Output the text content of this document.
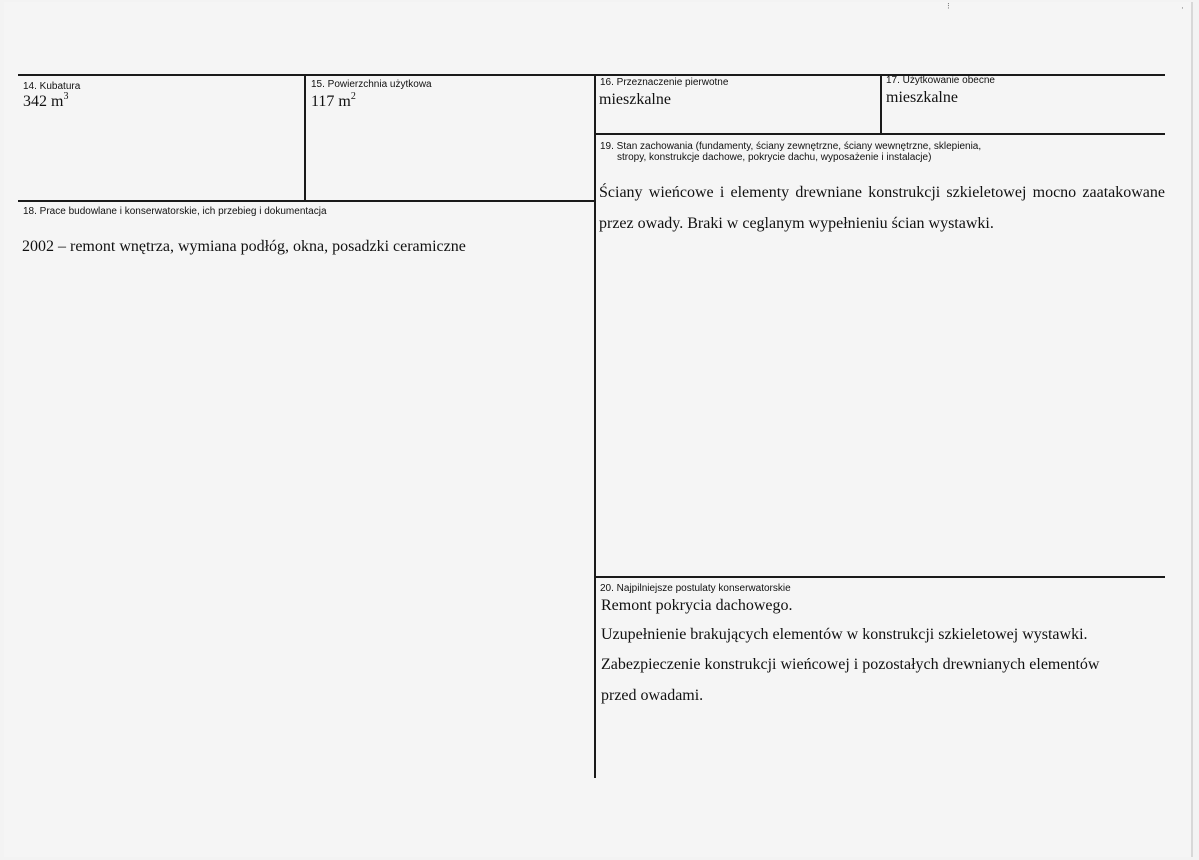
14. Kubatura
342 $m^3$
15. Powierzchnia użytkowa
117 $m^2$
16. Przeznaczenie pierwotne
mieszkalne
17. Użytkowanie obecne
mieszkalne
19. Stan zachowania (fundamenty, ściany zewnętrzne, ściany wewnętrzne, sklepienia,
stropy, konstrukcje dachowe, pokrycie dachu, wyposażenie i instalacje)
Ściany wieńcowe i elementy drewniane konstrukcji szkieletowej mocno zaatakowane przez owady. Braki w ceglanym wypełnieniu ścian wystawki.
18. Prace budowlane i konserwatorskie, ich przebieg i dokumentacja
2002 – remont wnętrza, wymiana podłóg, okna, posadzki ceramiczne
20. Najpilniejsze postulaty konserwatorskie
Remont pokrycia dachowego.
Uzupełnienie brakujących elementów w konstrukcji szkieletowej wystawki.
Zabezpieczenie konstrukcji wieńcowej i pozostałych drewnianych elementów
przed owadami.
⁝	·
